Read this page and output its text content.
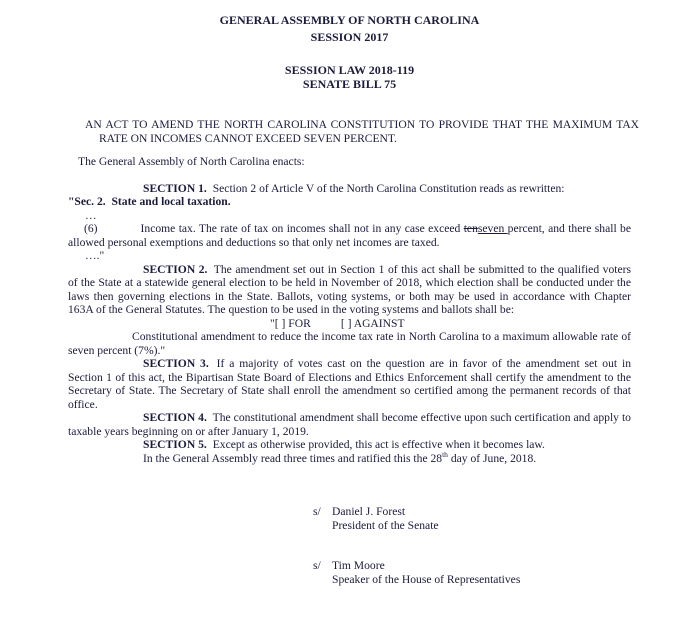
GENERAL ASSEMBLY OF NORTH CAROLINA
SESSION 2017
SESSION LAW 2018-119
SENATE BILL 75

AN ACT TO AMEND THE NORTH CAROLINA CONSTITUTION TO PROVIDE THAT THE MAXIMUM TAX RATE ON INCOMES CANNOT EXCEED SEVEN PERCENT.

The General Assembly of North Carolina enacts:

SECTION 1. Section 2 of Article V of the North Carolina Constitution reads as rewritten:

"Sec. 2.  State and local taxation.

…

(6)	Income tax. The rate of tax on incomes shall not in any case exceed tenseven percent, and there shall be allowed personal exemptions and deductions so that only net incomes are taxed.

…."

SECTION 2. The amendment set out in Section 1 of this act shall be submitted to the qualified voters of the State at a statewide general election to be held in November of 2018, which election shall be conducted under the laws then governing elections in the State. Ballots, voting systems, or both may be used in accordance with Chapter 163A of the General Statutes. The question to be used in the voting systems and ballots shall be:

"[ ] FOR	[ ] AGAINST

Constitutional amendment to reduce the income tax rate in North Carolina to a maximum allowable rate of seven percent (7%)."

SECTION 3. If a majority of votes cast on the question are in favor of the amendment set out in Section 1 of this act, the Bipartisan State Board of Elections and Ethics Enforcement shall certify the amendment to the Secretary of State. The Secretary of State shall enroll the amendment so certified among the permanent records of that office.

SECTION 4. The constitutional amendment shall become effective upon such certification and apply to taxable years beginning on or after January 1, 2019.

SECTION 5. Except as otherwise provided, this act is effective when it becomes law.

In the General Assembly read three times and ratified this the 28th day of June, 2018.

s/ Daniel J. Forest
President of the Senate
s/ Tim Moore
Speaker of the House of Representatives
